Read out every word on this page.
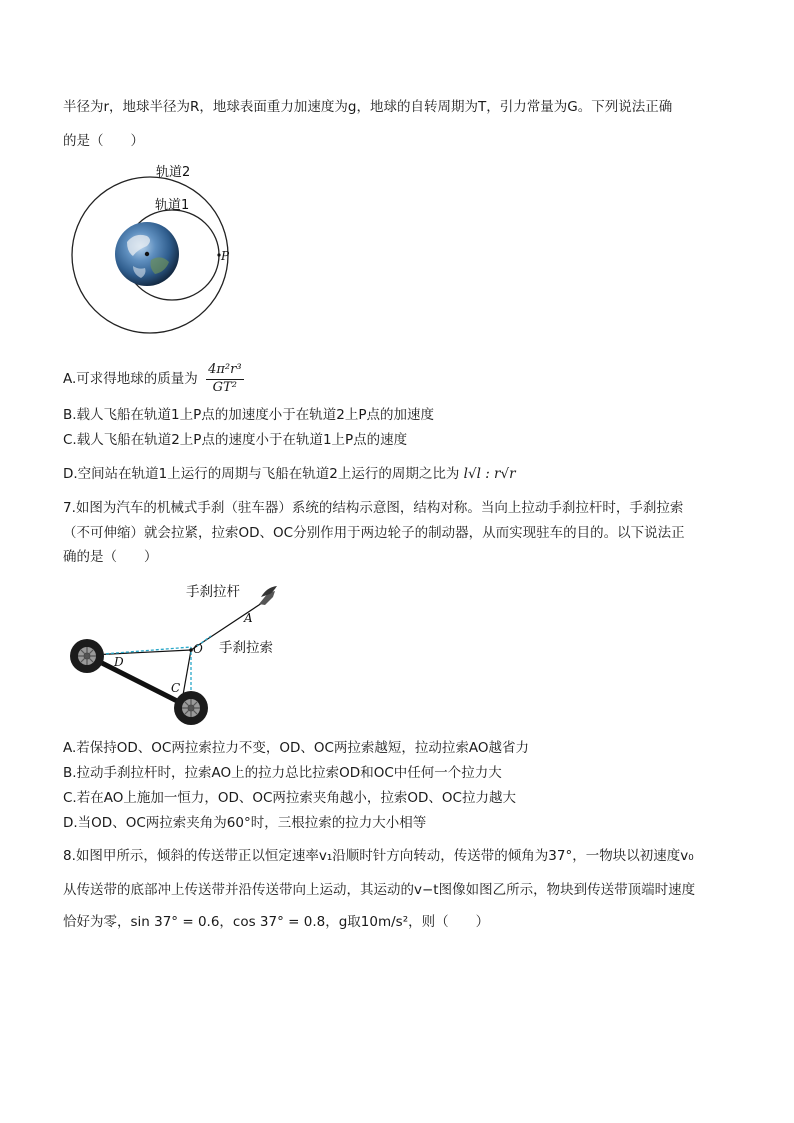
半径为r，地球半径为R，地球表面重力加速度为g，地球的自转周期为T，引力常量为G。下列说法正确
的是（　　）
轨道2
轨道1
P
A.可求得地球的质量为 $\frac{\text{4π²r³}}{\text{GT²}}$
B.载人飞船在轨道1上P点的加速度小于在轨道2上P点的加速度
C.载人飞船在轨道2上P点的速度小于在轨道1上P点的速度
D.空间站在轨道1上运行的周期与飞船在轨道2上运行的周期之比为 l√l : r√r
7.如图为汽车的机械式手刹（驻车器）系统的结构示意图，结构对称。当向上拉动手刹拉杆时，手刹拉索
（不可伸缩）就会拉紧，拉索OD、OC分别作用于两边轮子的制动器，从而实现驻车的目的。以下说法正
确的是（　　）
手刹拉杆
A
O 手刹拉索
D
C
A.若保持OD、OC两拉索拉力不变，OD、OC两拉索越短，拉动拉索AO越省力
B.拉动手刹拉杆时，拉索AO上的拉力总比拉索OD和OC中任何一个拉力大
C.若在AO上施加一恒力，OD、OC两拉索夹角越小，拉索OD、OC拉力越大
D.当OD、OC两拉索夹角为60°时，三根拉索的拉力大小相等
8.如图甲所示，倾斜的传送带正以恒定速率v₁沿顺时针方向转动，传送带的倾角为37°，一物块以初速度v₀
从传送带的底部冲上传送带并沿传送带向上运动，其运动的v−t图像如图乙所示，物块到传送带顶端时速度
恰好为零，sin 37° = 0.6，cos 37° = 0.8，g取10m/s²，则（　　）
